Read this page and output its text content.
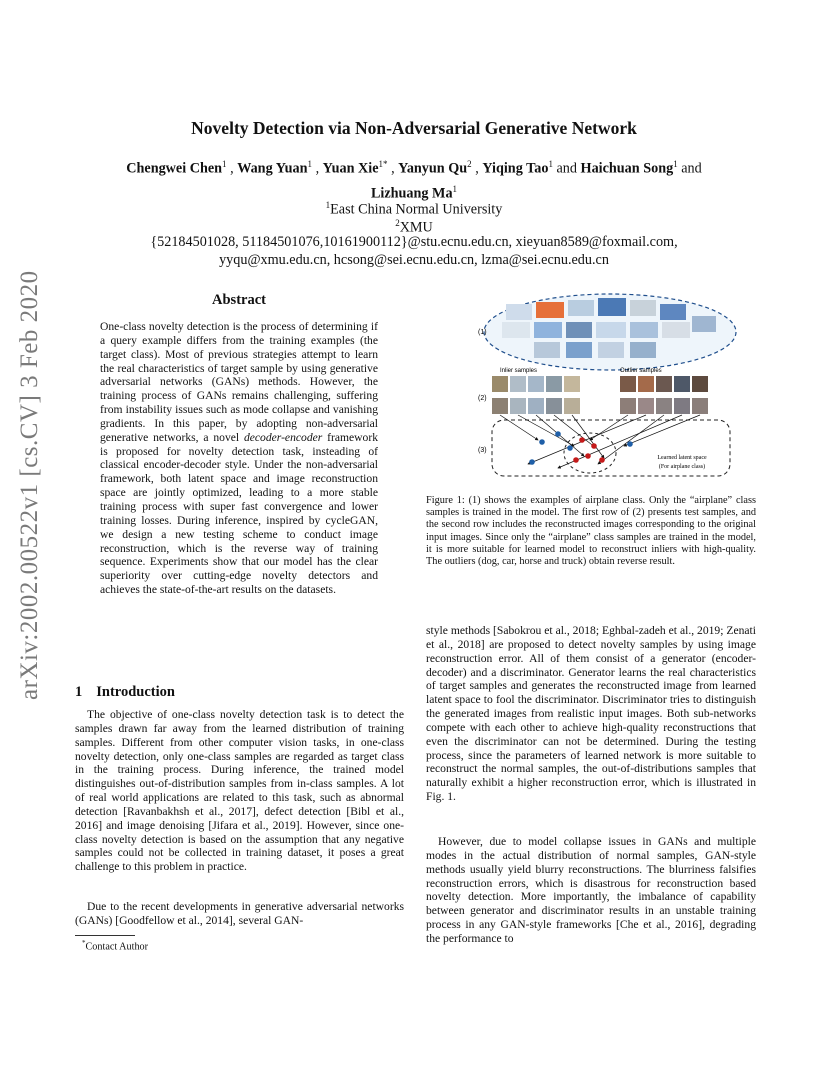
arXiv:2002.00522v1 [cs.CV] 3 Feb 2020
Novelty Detection via Non-Adversarial Generative Network
Chengwei Chen$^1$ , Wang Yuan$^1$ , Yuan Xie$^{1*}$ , Yanyun Qu$^2$ , Yiqing Tao$^1$ and Haichuan Song$^1$ and Lizhuang Ma$^1$
$^1$East China Normal University
$^2$XMU
{52184501028, 51184501076,10161900112}@stu.ecnu.edu.cn, xieyuan8589@foxmail.com,
yyqu@xmu.edu.cn, hcsong@sei.ecnu.edu.cn, lzma@sei.ecnu.edu.cn
Abstract
One-class novelty detection is the process of determining if a query example differs from the training examples (the target class). Most of previous strategies attempt to learn the real characteristics of target sample by using generative adversarial networks (GANs) methods. However, the training process of GANs remains challenging, suffering from instability issues such as mode collapse and vanishing gradients. In this paper, by adopting non-adversarial generative networks, a novel decoder-encoder framework is proposed for novelty detection task, insteading of classical encoder-decoder style. Under the non-adversarial framework, both latent space and image reconstruction space are jointly optimized, leading to a more stable training process with super fast convergence and lower training losses. During inference, inspired by cycleGAN, we design a new testing scheme to conduct image reconstruction, which is the reverse way of training sequence. Experiments show that our model has the clear superiority over cutting-edge novelty detectors and achieves the state-of-the-art results on the datasets.
1 Introduction
The objective of one-class novelty detection task is to detect the samples drawn far away from the learned distribution of training samples. Different from other computer vision tasks, in one-class novelty detection, only one-class samples are regarded as target class in the training process. During inference, the trained model distinguishes out-of-distribution samples from in-class samples. A lot of real world applications are related to this task, such as abnormal detection [Ravanbakhsh et al., 2017], defect detection [Bibl et al., 2016] and image denoising [Jifara et al., 2019]. However, since one-class novelty detection is based on the assumption that any negative samples could not be collected in training dataset, it poses a great challenge to this problem in practice.
Due to the recent developments in generative adversarial networks (GANs) [Goodfellow et al., 2014], several GAN-
*Contact Author
(1)
Inlier samples	Outlier samples
(2)
(3)
Learned latent space
(For airplane class)
Figure 1: (1) shows the examples of airplane class. Only the “airplane” class samples is trained in the model. The first row of (2) presents test samples, and the second row includes the reconstructed images corresponding to the original input images. Since only the “airplane” class samples are trained in the model, it is more suitable for learned model to reconstruct inliers with high-quality. The outliers (dog, car, horse and truck) obtain reverse result.
style methods [Sabokrou et al., 2018; Eghbal-zadeh et al., 2019; Zenati et al., 2018] are proposed to detect novelty samples by using image reconstruction error. All of them consist of a generator (encoder-decoder) and a discriminator. Generator learns the real characteristics of target samples and generates the reconstructed image from learned latent space to fool the discriminator. Discriminator tries to distinguish the generated images from realistic input images. Both sub-networks compete with each other to achieve high-quality reconstructions that even the discriminator can not be determined. During the testing process, since the parameters of learned network is more suitable to reconstruct the normal samples, the out-of-distributions samples that naturally exhibit a higher reconstruction error, which is illustrated in Fig. 1.
However, due to model collapse issues in GANs and multiple modes in the actual distribution of normal samples, GAN-style methods usually yield blurry reconstructions. The blurriness falsifies reconstruction errors, which is disastrous for reconstruction based novelty detection. More importantly, the imbalance of capability between generator and discriminator results in an unstable training process in any GAN-style frameworks [Che et al., 2016], degrading the performance to
